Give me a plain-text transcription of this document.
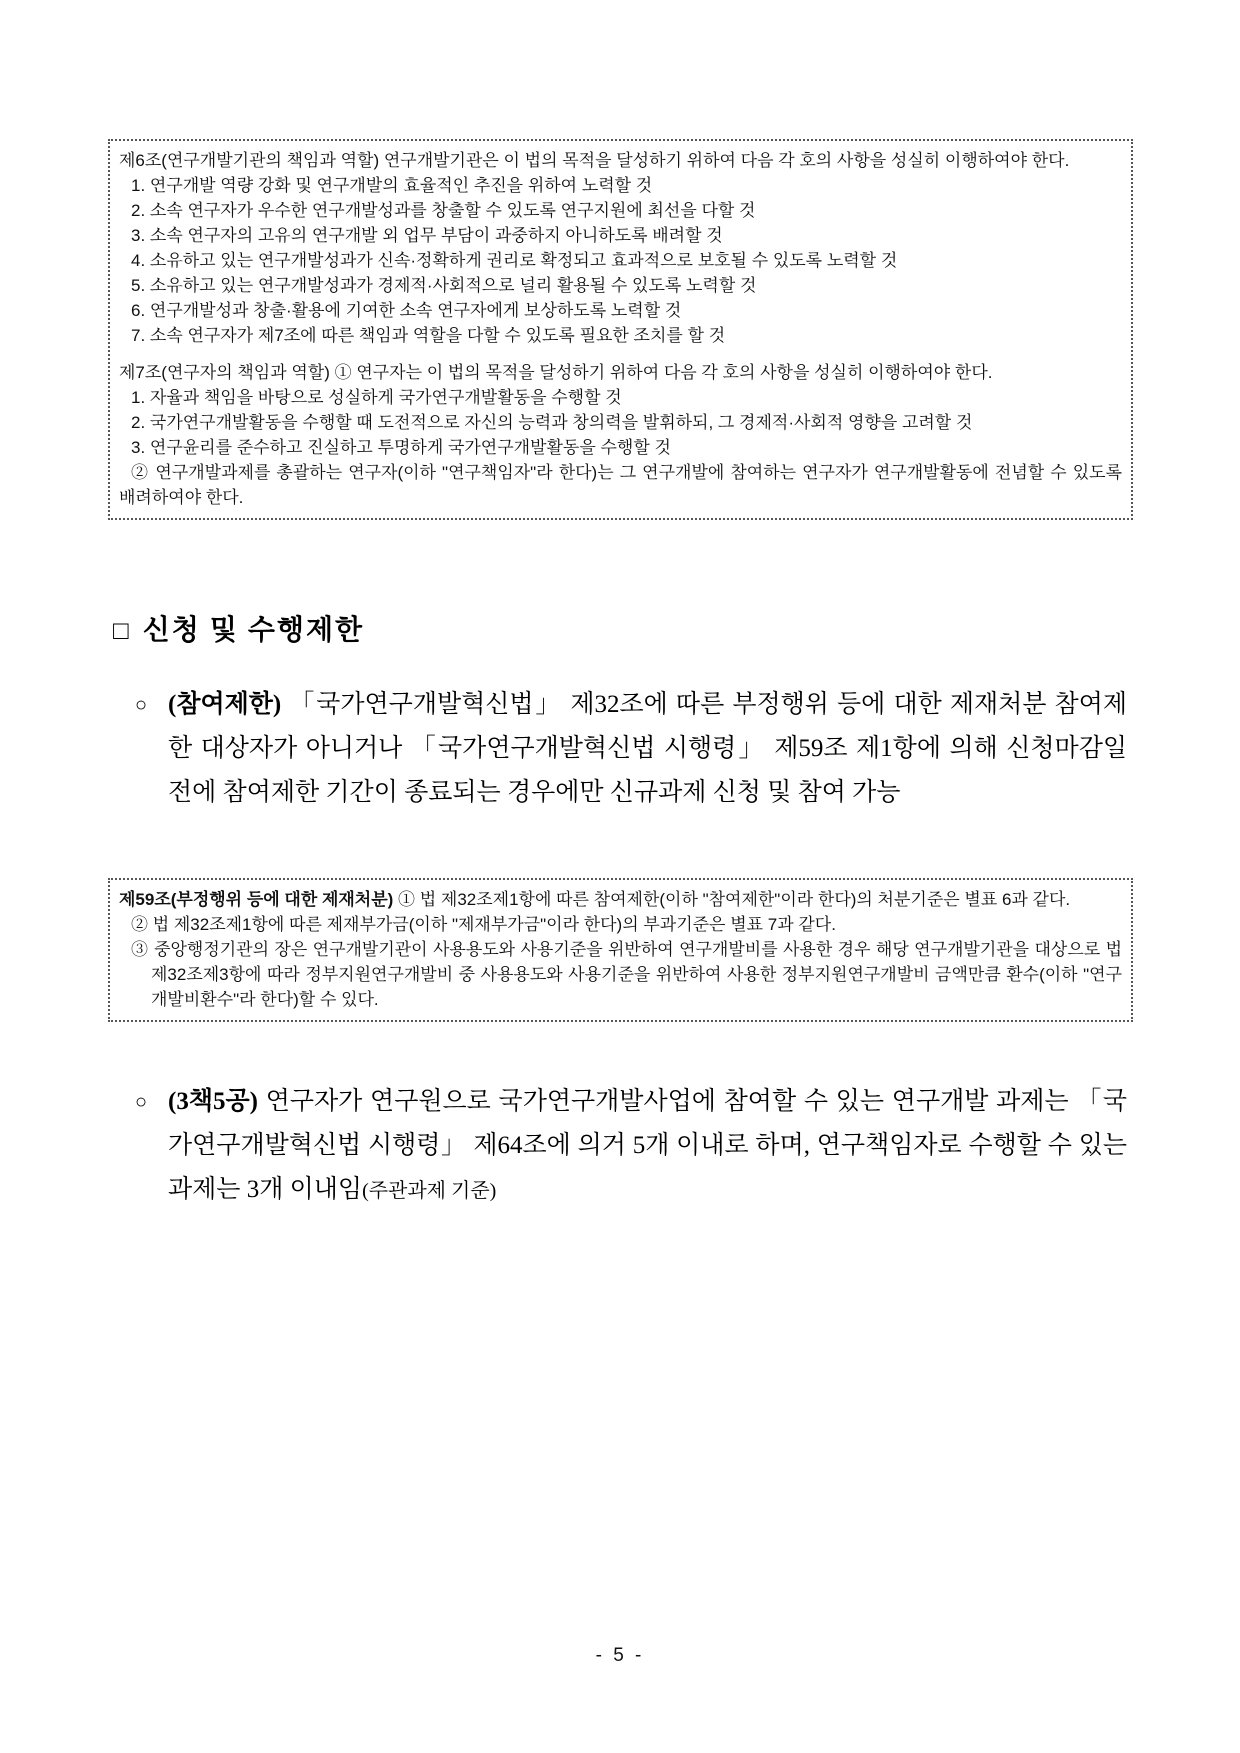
제6조(연구개발기관의 책임과 역할) 연구개발기관은 이 법의 목적을 달성하기 위하여 다음 각 호의 사항을 성실히 이행하여야 한다.

1. 연구개발 역량 강화 및 연구개발의 효율적인 추진을 위하여 노력할 것

2. 소속 연구자가 우수한 연구개발성과를 창출할 수 있도록 연구지원에 최선을 다할 것

3. 소속 연구자의 고유의 연구개발 외 업무 부담이 과중하지 아니하도록 배려할 것

4. 소유하고 있는 연구개발성과가 신속·정확하게 권리로 확정되고 효과적으로 보호될 수 있도록 노력할 것

5. 소유하고 있는 연구개발성과가 경제적·사회적으로 널리 활용될 수 있도록 노력할 것

6. 연구개발성과 창출·활용에 기여한 소속 연구자에게 보상하도록 노력할 것

7. 소속 연구자가 제7조에 따른 책임과 역할을 다할 수 있도록 필요한 조치를 할 것

제7조(연구자의 책임과 역할) ① 연구자는 이 법의 목적을 달성하기 위하여 다음 각 호의 사항을 성실히 이행하여야 한다.

1. 자율과 책임을 바탕으로 성실하게 국가연구개발활동을 수행할 것

2. 국가연구개발활동을 수행할 때 도전적으로 자신의 능력과 창의력을 발휘하되, 그 경제적·사회적 영향을 고려할 것

3. 연구윤리를 준수하고 진실하고 투명하게 국가연구개발활동을 수행할 것

② 연구개발과제를 총괄하는 연구자(이하 "연구책임자"라 한다)는 그 연구개발에 참여하는 연구자가 연구개발활동에 전념할 수 있도록 배려하여야 한다.

□ 신청 및 수행제한
○ (참여제한) 「국가연구개발혁신법」 제32조에 따른 부정행위 등에 대한 제재처분 참여제한 대상자가 아니거나 「국가연구개발혁신법 시행령」 제59조 제1항에 의해 신청마감일 전에 참여제한 기간이 종료되는 경우에만 신규과제 신청 및 참여 가능

제59조(부정행위 등에 대한 제재처분) ① 법 제32조제1항에 따른 참여제한(이하 "참여제한"이라 한다)의 처분기준은 별표 6과 같다.

② 법 제32조제1항에 따른 제재부가금(이하 "제재부가금"이라 한다)의 부과기준은 별표 7과 같다.

③ 중앙행정기관의 장은 연구개발기관이 사용용도와 사용기준을 위반하여 연구개발비를 사용한 경우 해당 연구개발기관을 대상으로 법 제32조제3항에 따라 정부지원연구개발비 중 사용용도와 사용기준을 위반하여 사용한 정부지원연구개발비 금액만큼 환수(이하 "연구개발비환수"라 한다)할 수 있다.

○ (3책5공) 연구자가 연구원으로 국가연구개발사업에 참여할 수 있는 연구개발 과제는 「국가연구개발혁신법 시행령」 제64조에 의거 5개 이내로 하며, 연구책임자로 수행할 수 있는 과제는 3개 이내임(주관과제 기준)
- 5 -
